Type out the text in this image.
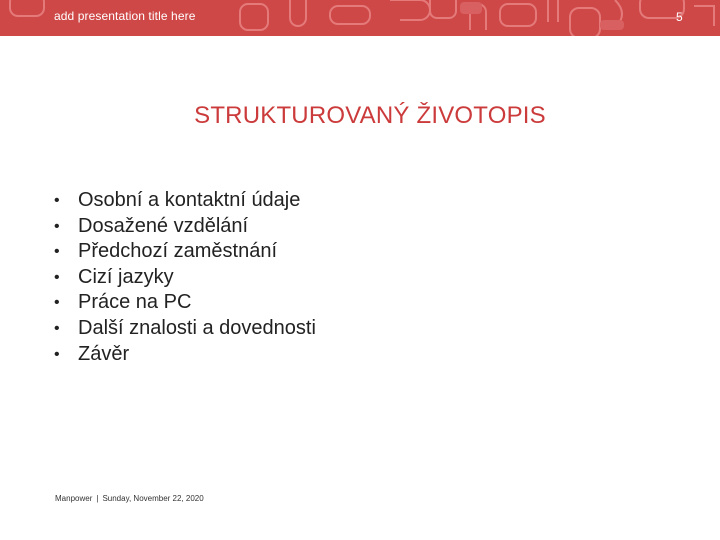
add presentation title here	5
STRUKTUROVANÝ ŽIVOTOPIS
• Osobní a kontaktní údaje
• Dosažené vzdělání
• Předchozí zaměstnání
• Cizí jazyky
• Práce na PC
• Další znalosti a dovednosti
• Závěr
Manpower | Sunday, November 22, 2020
